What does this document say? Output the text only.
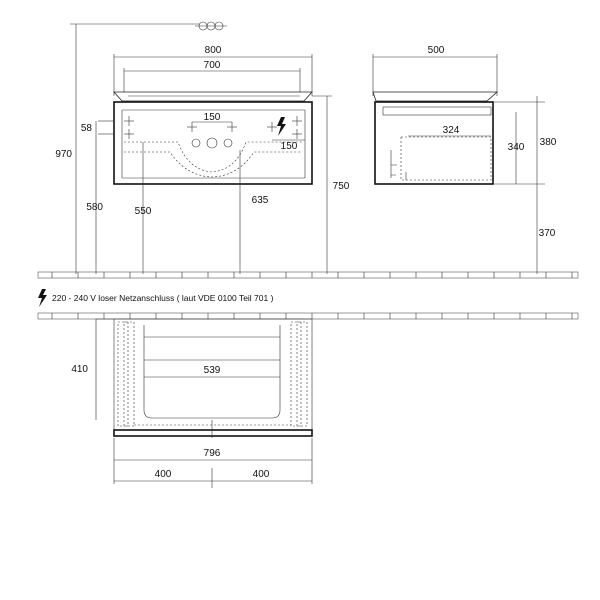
800
700
150
150
58
970
580	550
635
750
500
324
340 380
370
220 - 240 V loser Netzanschluss ( laut VDE 0100 Teil 701 )
410	539
796
400	400
